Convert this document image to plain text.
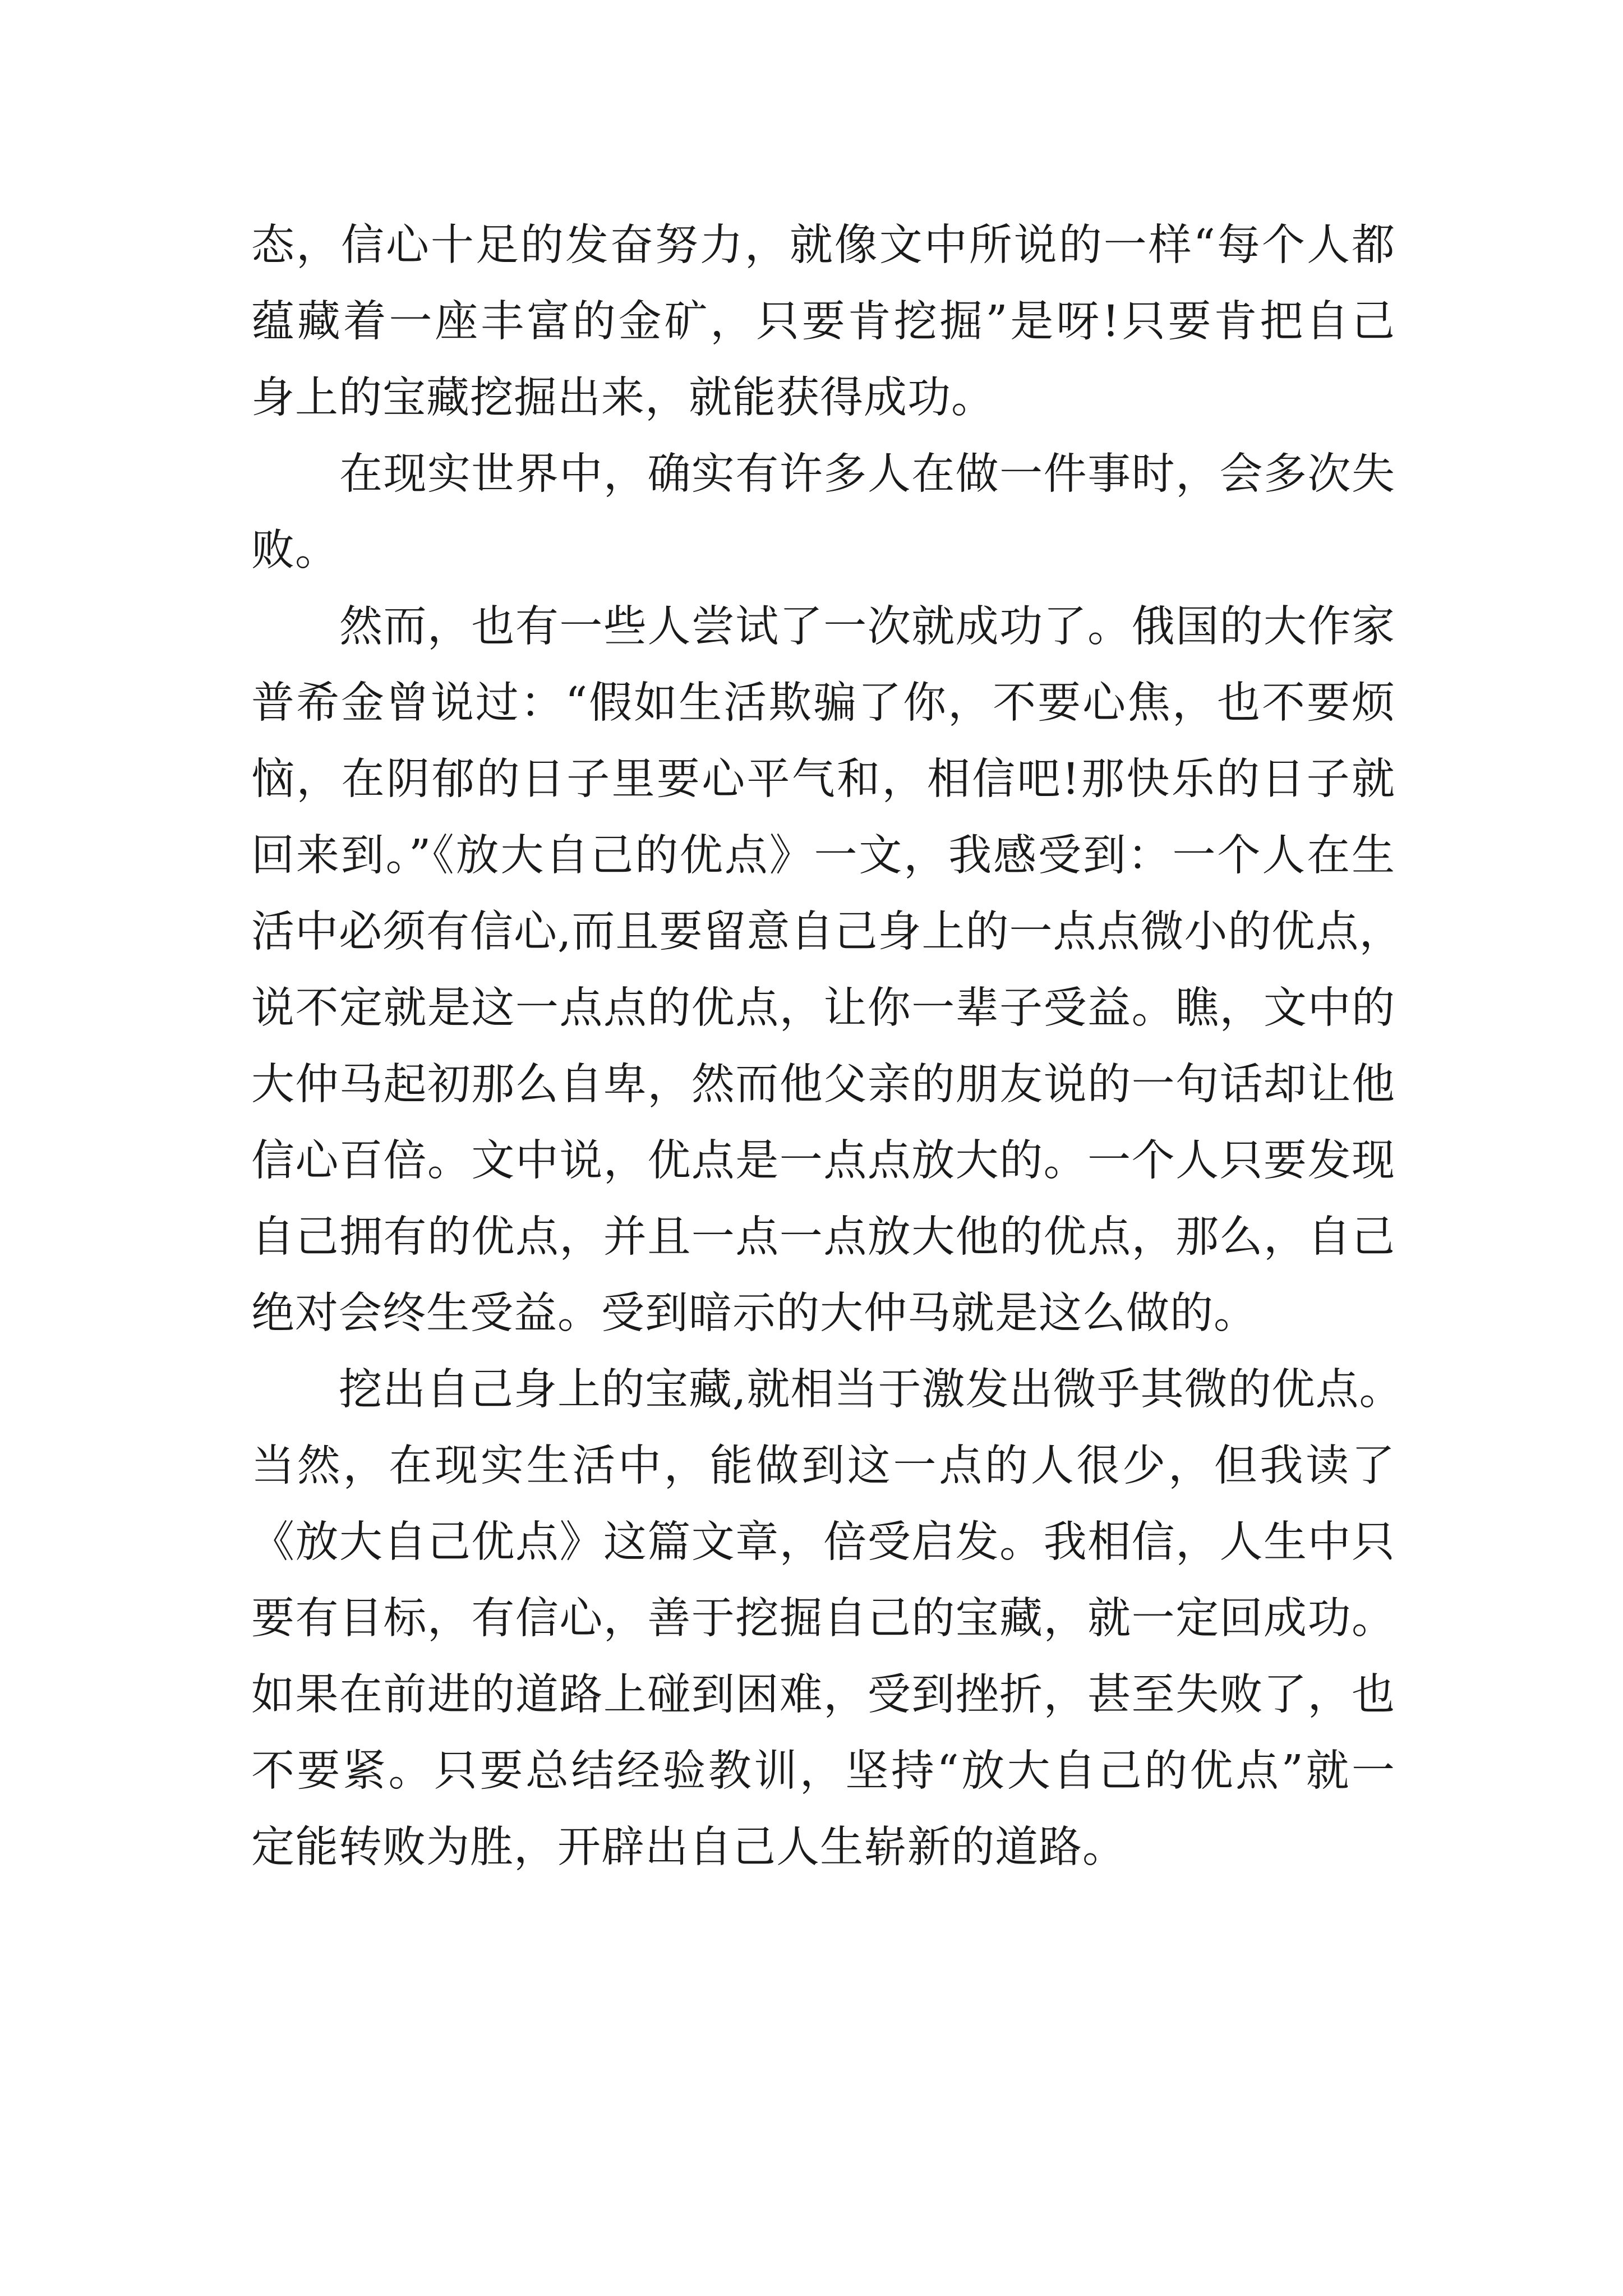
态，信心十足的发奋努力，就像文中所说的一样“每个人都
蕴藏着一座丰富的金矿，只要肯挖掘”是呀!只要肯把自己
身上的宝藏挖掘出来，就能获得成功。
　　在现实世界中，确实有许多人在做一件事时，会多次失
败。
　　然而，也有一些人尝试了一次就成功了。俄国的大作家
普希金曾说过：“假如生活欺骗了你，不要心焦，也不要烦
恼，在阴郁的日子里要心平气和，相信吧!那快乐的日子就
回来到。”《放大自己的优点》一文，我感受到：一个人在生
活中必须有信心,而且要留意自己身上的一点点微小的优点，
说不定就是这一点点的优点，让你一辈子受益。瞧，文中的
大仲马起初那么自卑，然而他父亲的朋友说的一句话却让他
信心百倍。文中说，优点是一点点放大的。一个人只要发现
自己拥有的优点，并且一点一点放大他的优点，那么，自己
绝对会终生受益。受到暗示的大仲马就是这么做的。
　　挖出自己身上的宝藏,就相当于激发出微乎其微的优点。
当然，在现实生活中，能做到这一点的人很少，但我读了
《放大自己优点》这篇文章，倍受启发。我相信，人生中只
要有目标，有信心，善于挖掘自己的宝藏，就一定回成功。
如果在前进的道路上碰到困难，受到挫折，甚至失败了，也
不要紧。只要总结经验教训，坚持“放大自己的优点”就一
定能转败为胜，开辟出自己人生崭新的道路。
